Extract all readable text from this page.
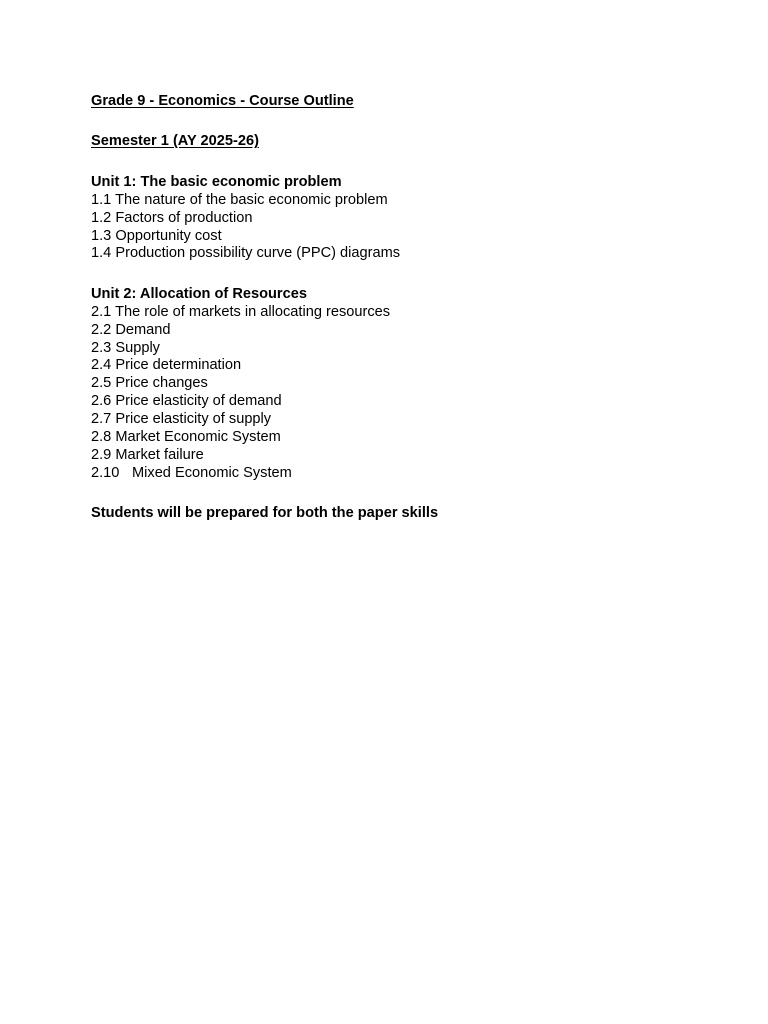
Grade 9 - Economics - Course Outline

Semester 1 (AY 2025-26)

Unit 1: The basic economic problem

1.1 The nature of the basic economic problem
1.2 Factors of production
1.3 Opportunity cost
1.4 Production possibility curve (PPC) diagrams

Unit 2: Allocation of Resources

2.1 The role of markets in allocating resources
2.2 Demand
2.3 Supply
2.4 Price determination
2.5 Price changes
2.6 Price elasticity of demand
2.7 Price elasticity of supply
2.8 Market Economic System
2.9 Market failure
2.10 Mixed Economic System

Students will be prepared for both the paper skills
